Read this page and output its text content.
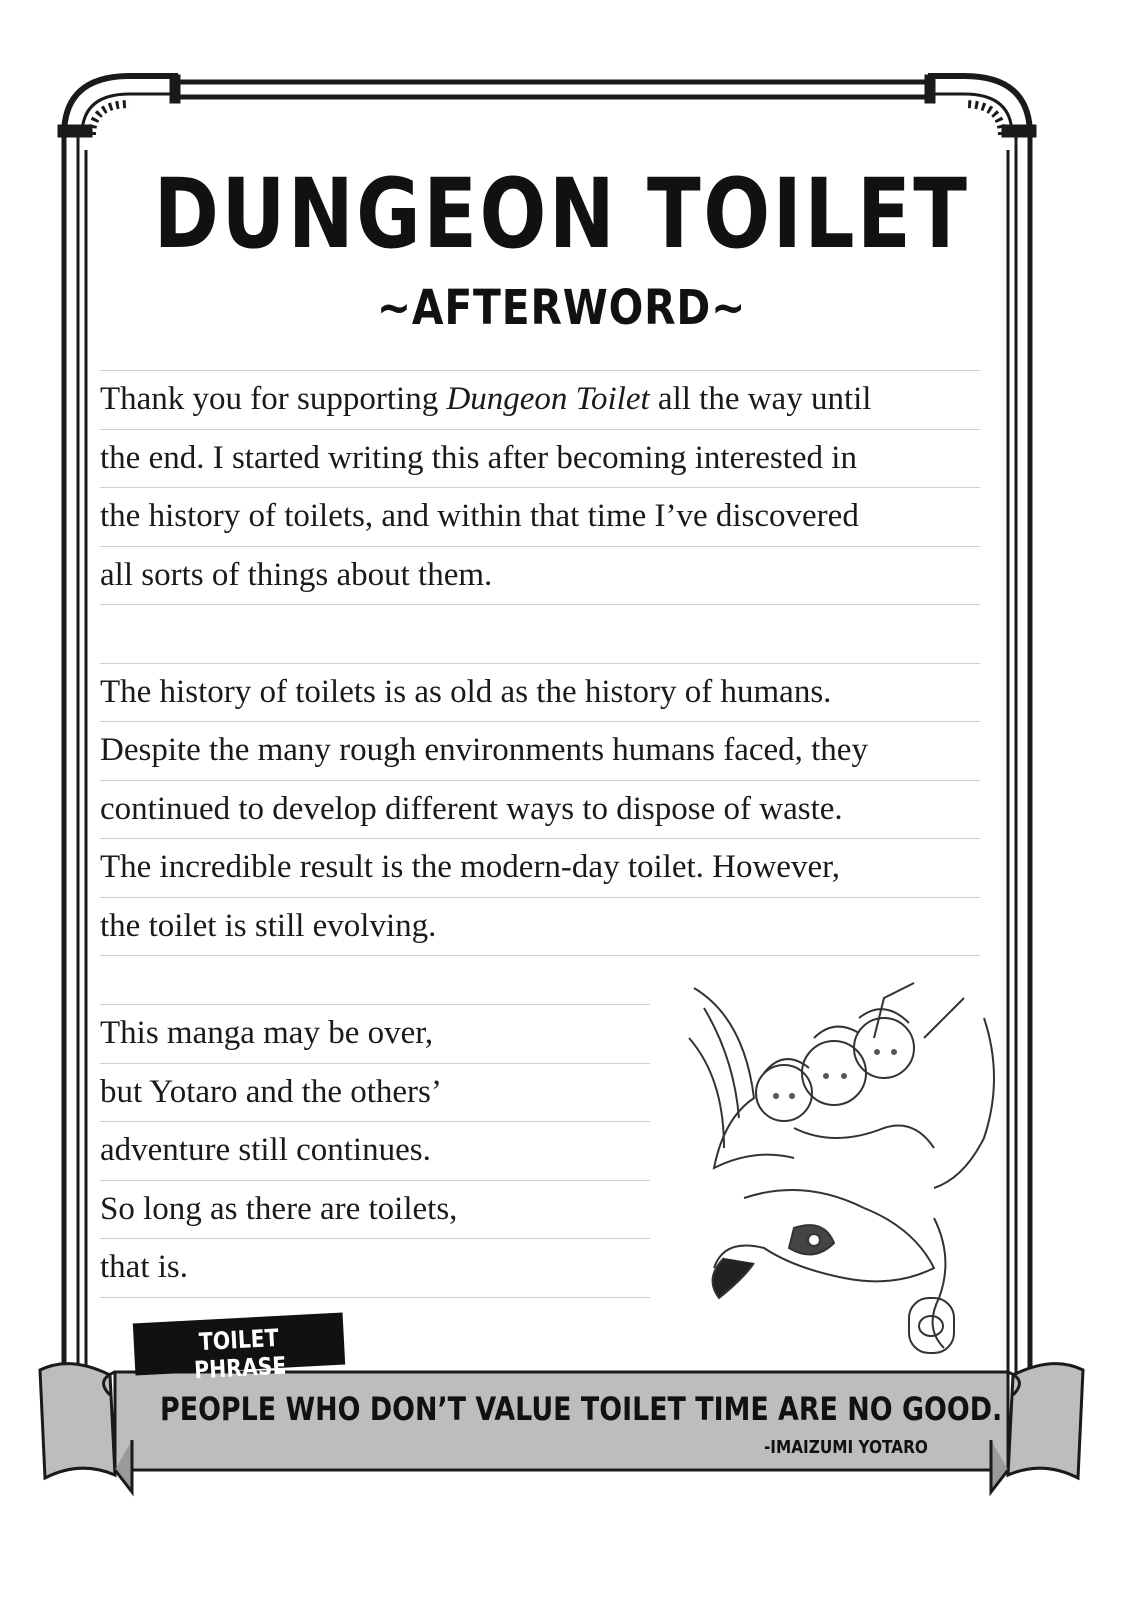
DUNGEON TOILET
~AFTERWORD~
Thank you for supporting Dungeon Toilet all the way until
the end. I started writing this after becoming interested in
the history of toilets, and within that time I’ve discovered
all sorts of things about them.
The history of toilets is as old as the history of humans.
Despite the many rough environments humans faced, they
continued to develop different ways to dispose of waste.
The incredible result is the modern-day toilet. However,
the toilet is still evolving.
This manga may be over,
but Yotaro and the others’
adventure still continues.
So long as there are toilets,
that is.
TOILET PHRASE
PEOPLE WHO DON’T VALUE TOILET TIME ARE NO GOOD.
-IMAIZUMI YOTARO
